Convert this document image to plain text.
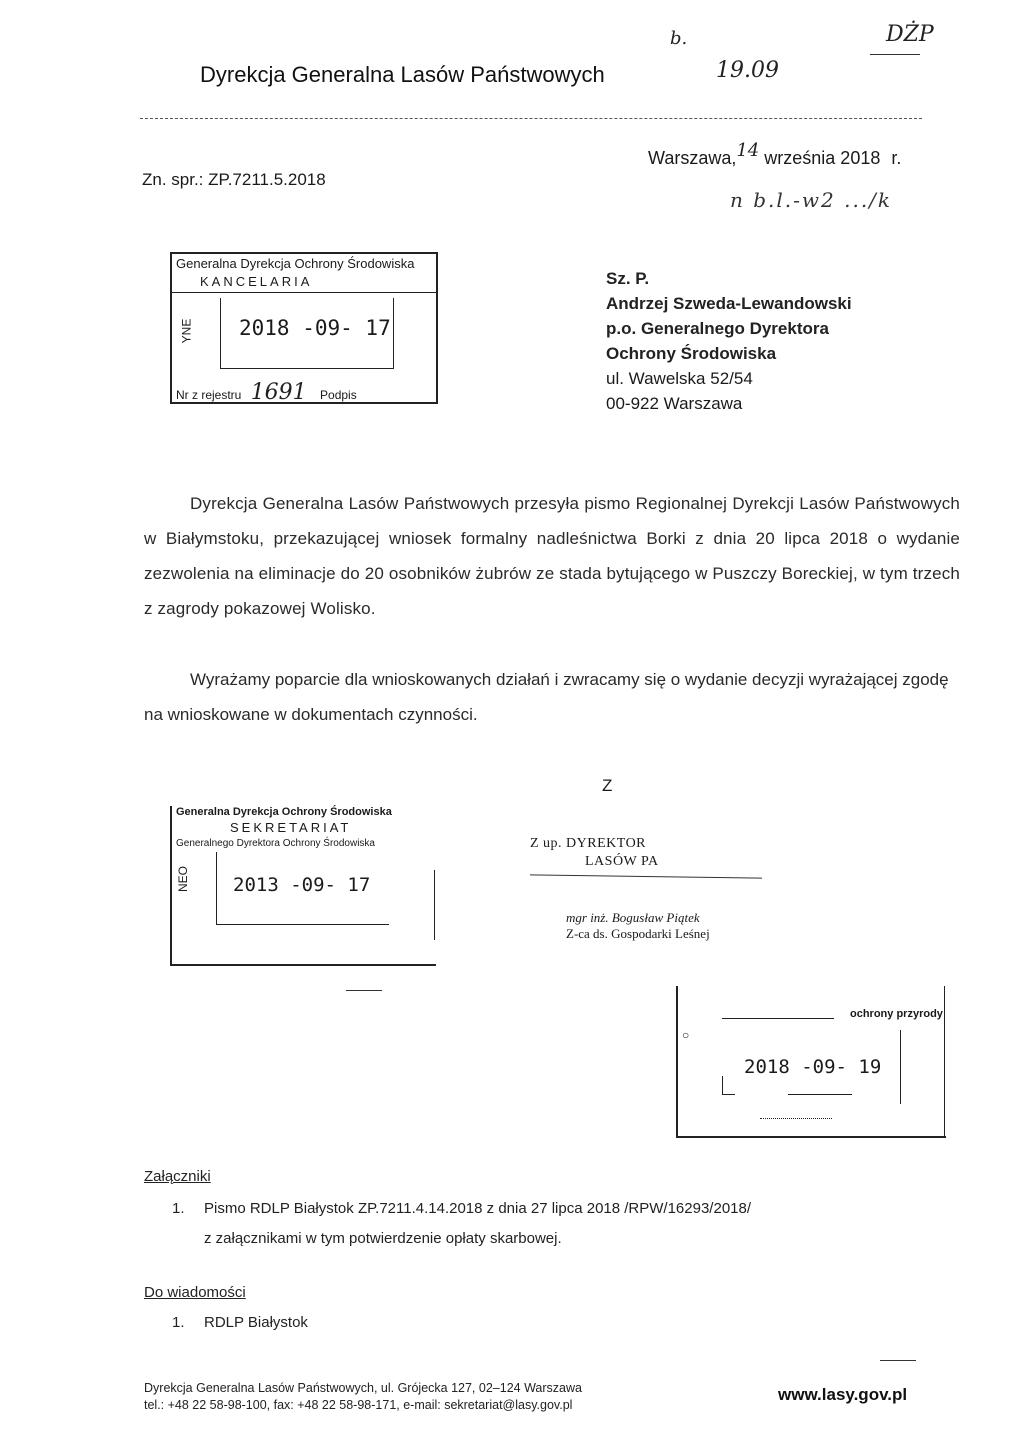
b.	DŻP
Dyrekcja Generalna Lasów Państwowych	19.09
Zn. spr.: ZP.7211.5.2018
Warszawa,14 września 2018 r.
n b.l.-w2 .../k
Generalna Dyrekcja Ochrony Środowiska
KANCELARIA
YNE 2018 -09- 17
Nr z rejestru 1691 Podpis
Sz. P.
Andrzej Szweda-Lewandowski
p.o. Generalnego Dyrektora
Ochrony Środowiska
ul. Wawelska 52/54
00-922 Warszawa
Dyrekcja Generalna Lasów Państwowych przesyła pismo Regionalnej Dyrekcji Lasów Państwowych w Białymstoku, przekazującej wniosek formalny nadleśnictwa Borki z dnia 20 lipca 2018 o wydanie zezwolenia na eliminacje do 20 osobników żubrów ze stada bytującego w Puszczy Boreckiej, w tym trzech z zagrody pokazowej Wolisko.
Wyrażamy poparcie dla wnioskowanych działań i zwracamy się o wydanie decyzji wyrażającej zgodę na wnioskowane w dokumentach czynności.
Generalna Dyrekcja Ochrony Środowiska
SEKRETARIAT
Generalnego Dyrektora Ochrony Środowiska
NEO 2013 -09- 17
Z
Z up. DYREKTOR
LASÓW PA
mgr inż. Bogusław Piątek
Z-ca ds. Gospodarki Leśnej
ochrony przyrody
○
2018 -09- 19
Załączniki
1. Pismo RDLP Białystok ZP.7211.4.14.2018 z dnia 27 lipca 2018 /RPW/16293/2018/
z załącznikami w tym potwierdzenie opłaty skarbowej.
Do wiadomości
1. RDLP Białystok
Dyrekcja Generalna Lasów Państwowych, ul. Grójecka 127, 02–124 Warszawa
tel.: +48 22 58-98-100, fax: +48 22 58-98-171, e-mail: sekretariat@lasy.gov.pl
www.lasy.gov.pl
